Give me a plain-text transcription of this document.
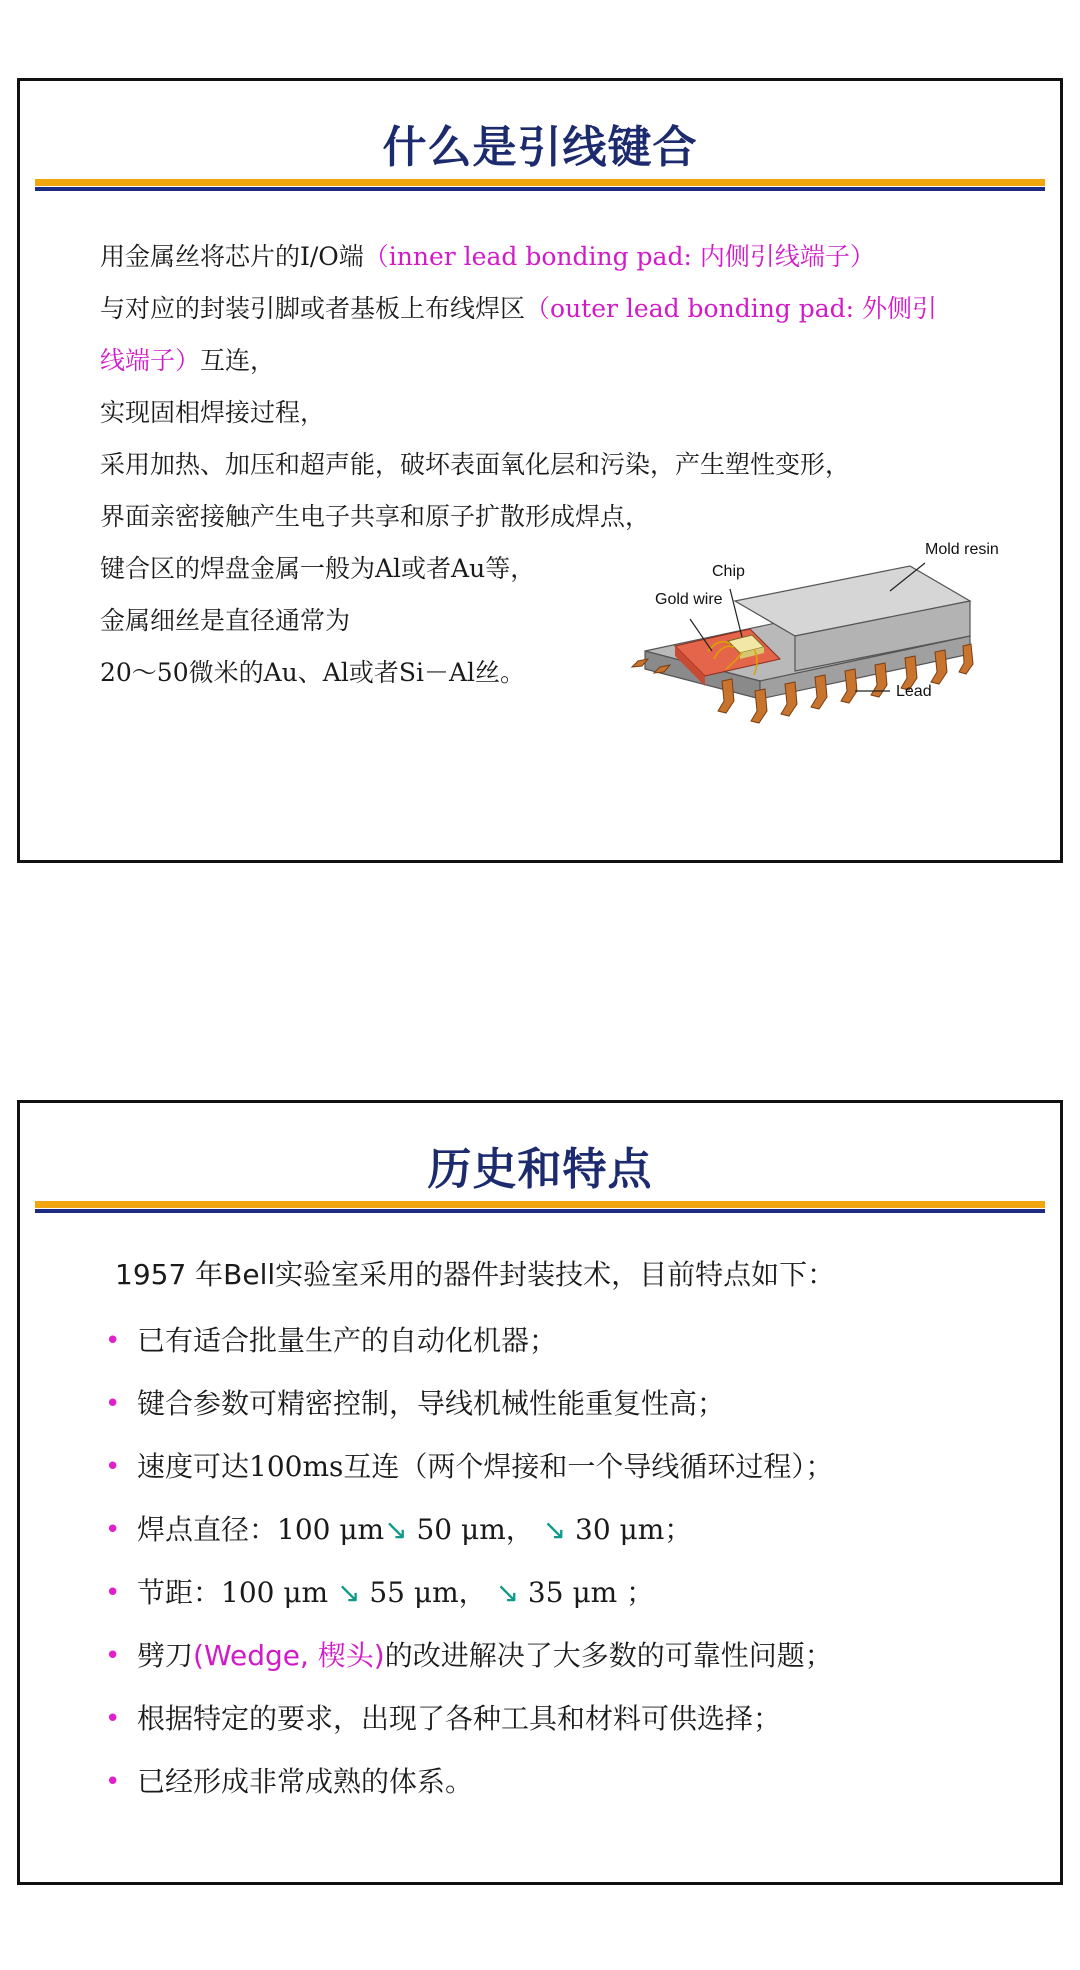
什么是引线键合
用金属丝将芯片的I/O端（inner lead bonding pad: 内侧引线端子）
与对应的封装引脚或者基板上布线焊区（outer lead bonding pad: 外侧引
线端子）互连，
实现固相焊接过程，
采用加热、加压和超声能，破坏表面氧化层和污染，产生塑性变形，
界面亲密接触产生电子共享和原子扩散形成焊点，
键合区的焊盘金属一般为Al或者Au等，
金属细丝是直径通常为
20～50微米的Au、Al或者Si－Al丝。
Mold resin
Chip
Gold wire
Lead
历史和特点
1957 年Bell实验室采用的器件封装技术，目前特点如下：
• 已有适合批量生产的自动化机器；
• 键合参数可精密控制，导线机械性能重复性高；
• 速度可达100ms互连（两个焊接和一个导线循环过程）；
• 焊点直径：100 μm↘ 50 μm， ↘ 30 μm；
• 节距：100 μm ↘ 55 μm， ↘ 35 μm ；
• 劈刀(Wedge, 楔头)的改进解决了大多数的可靠性问题；
• 根据特定的要求，出现了各种工具和材料可供选择；
• 已经形成非常成熟的体系。
